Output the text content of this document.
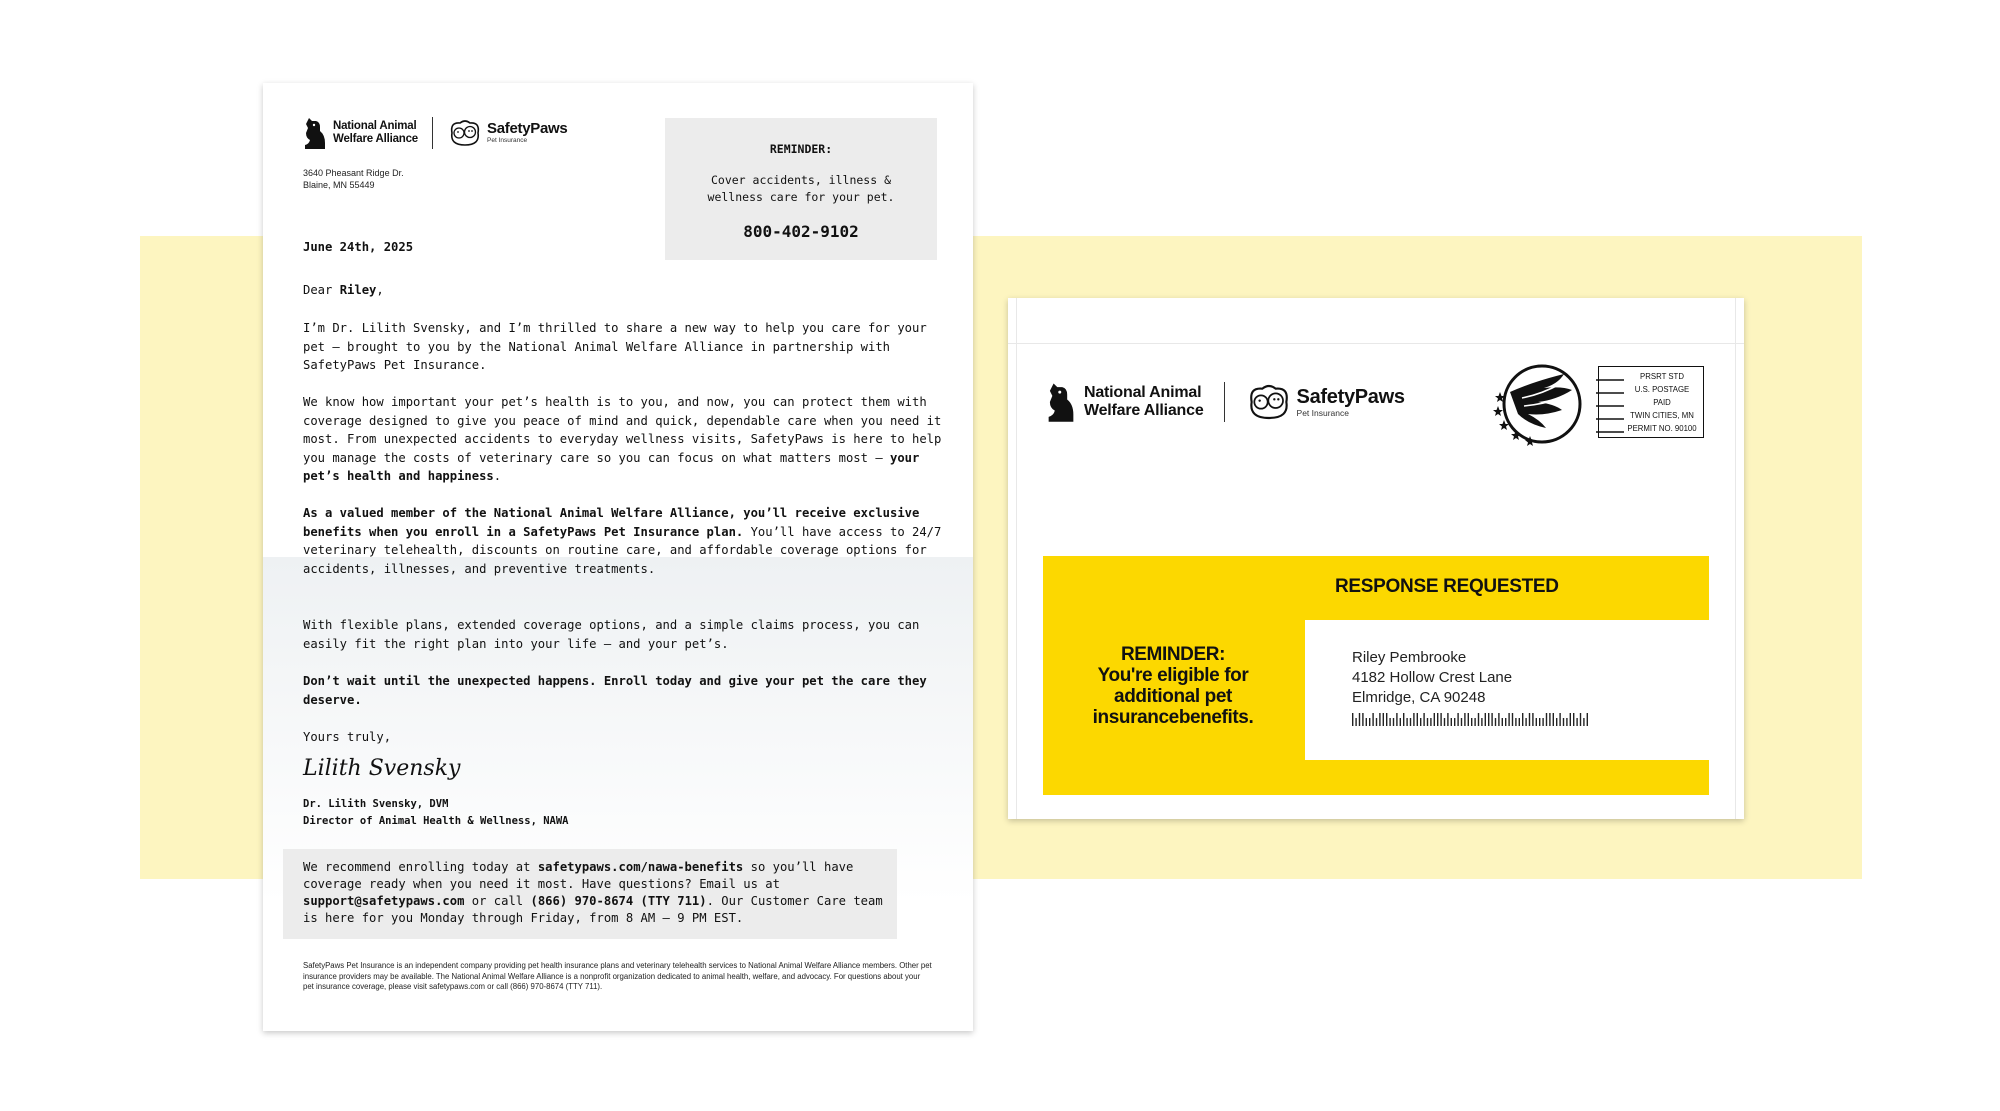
National Animal
Welfare Alliance
SafetyPaws
Pet Insurance
3640 Pheasant Ridge Dr.
Blaine, MN 55449
REMINDER:
Cover accidents, illness &
wellness care for your pet.
800-402-9102
June 24th, 2025
Dear Riley,
I’m Dr. Lilith Svensky, and I’m thrilled to share a new way to help you care for your pet — brought to you by the National Animal Welfare Alliance in partnership with SafetyPaws Pet Insurance.
We know how important your pet’s health is to you, and now, you can protect them with coverage designed to give you peace of mind and quick, dependable care when you need it most. From unexpected accidents to everyday wellness visits, SafetyPaws is here to help you manage the costs of veterinary care so you can focus on what matters most — your pet’s health and happiness.
As a valued member of the National Animal Welfare Alliance, you’ll receive exclusive benefits when you enroll in a SafetyPaws Pet Insurance plan. You’ll have access to 24/7 veterinary telehealth, discounts on routine care, and affordable coverage options for accidents, illnesses, and preventive treatments.
With flexible plans, extended coverage options, and a simple claims process, you can easily fit the right plan into your life — and your pet’s.
Don’t wait until the unexpected happens. Enroll today and give your pet the care they deserve.
Yours truly,
Lilith Svensky
Dr. Lilith Svensky, DVM
Director of Animal Health & Wellness, NAWA
We recommend enrolling today at safetypaws.com/nawa-benefits so you’ll have coverage ready when you need it most. Have questions? Email us at support@safetypaws.com or call (866) 970-8674 (TTY 711). Our Customer Care team is here for you Monday through Friday, from 8 AM – 9 PM EST.
SafetyPaws Pet Insurance is an independent company providing pet health insurance plans and veterinary telehealth services to National Animal Welfare Alliance members. Other pet insurance providers may be available. The National Animal Welfare Alliance is a nonprofit organization dedicated to animal health, welfare, and advocacy. For questions about your pet insurance coverage, please visit safetypaws.com or call (866) 970-8674 (TTY 711).
National Animal
Welfare Alliance
SafetyPaws
Pet Insurance
PRSRT STD
U.S. POSTAGE
PAID
TWIN CITIES, MN
PERMIT NO. 90100
RESPONSE REQUESTED
REMINDER:
You're eligible for
additional pet
insurancebenefits.
Riley Pembrooke
4182 Hollow Crest Lane
Elmridge, CA 90248
